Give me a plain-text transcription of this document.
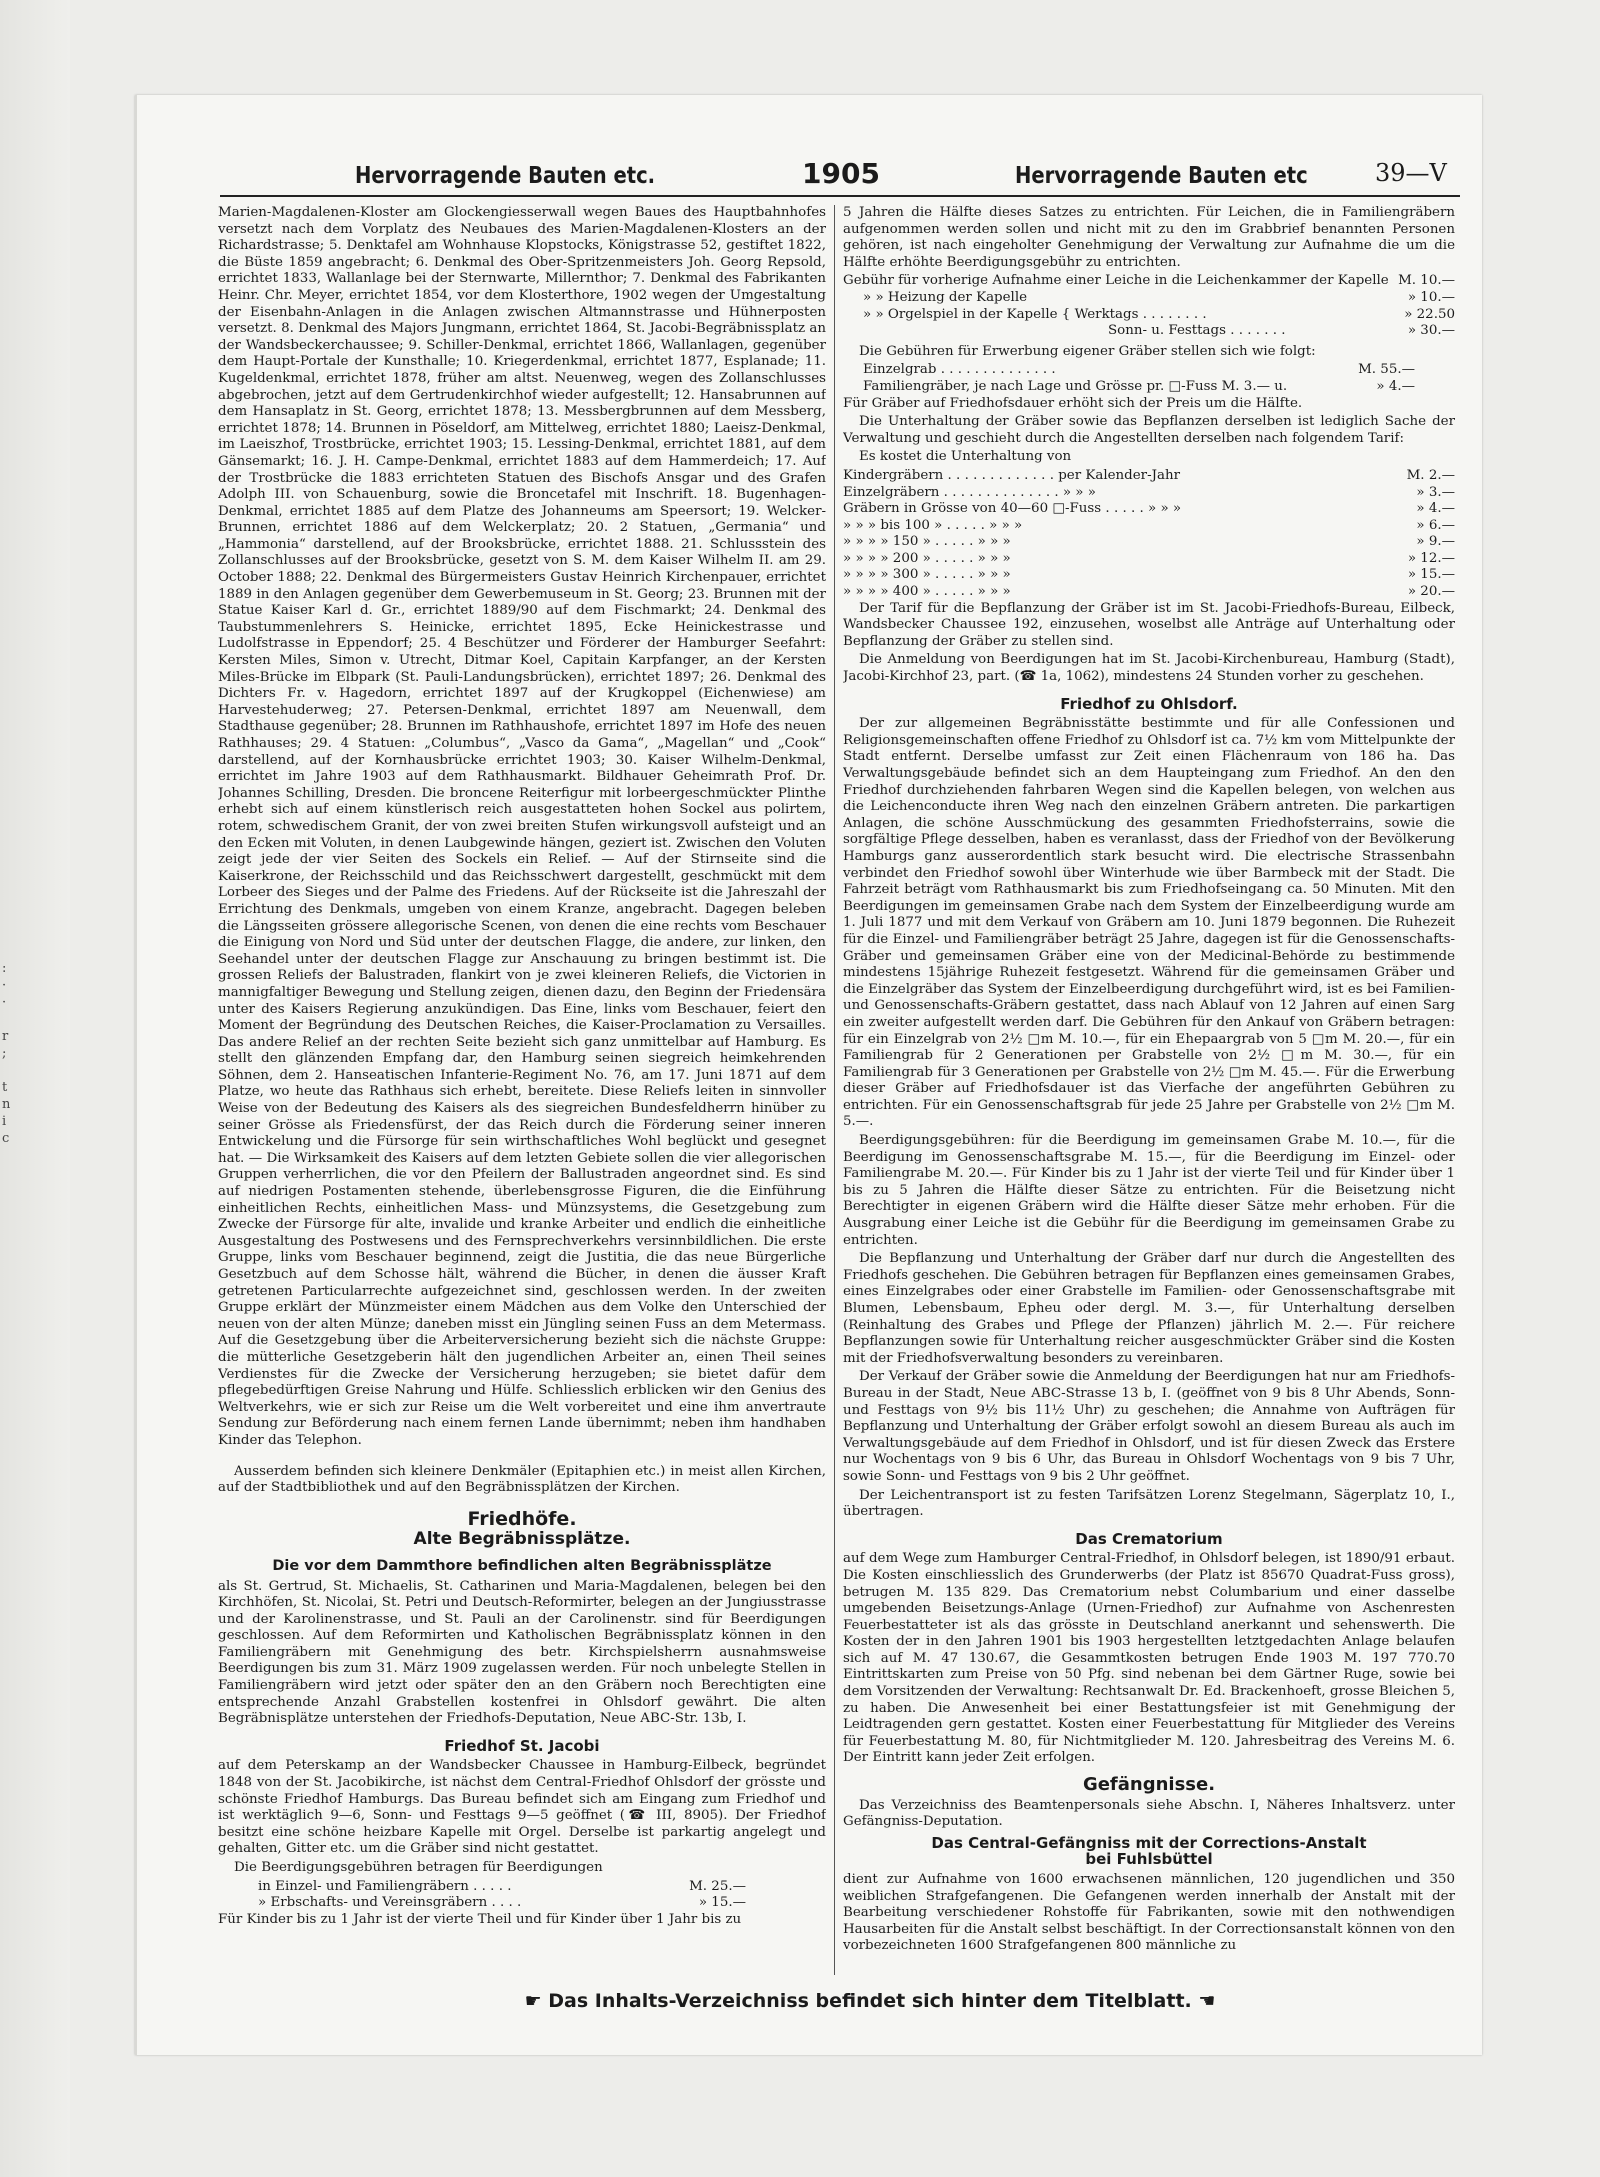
:
·
·

r
;

t
n
i
c
Hervorragende Bauten etc.	1905	Hervorragende Bauten etc	39—V

Marien-Magdalenen-Kloster am Glockengiesserwall wegen Baues des Hauptbahnhofes versetzt nach dem Vorplatz des Neubaues des Marien-Magdalenen-Klosters an der Richardstrasse; 5. Denktafel am Wohnhause Klopstocks, Königstrasse 52, gestiftet 1822, die Büste 1859 angebracht; 6. Denkmal des Ober-Spritzenmeisters Joh. Georg Repsold, errichtet 1833, Wallanlage bei der Sternwarte, Millernthor; 7. Denkmal des Fabrikanten Heinr. Chr. Meyer, errichtet 1854, vor dem Klosterthore, 1902 wegen der Umgestaltung der Eisenbahn-Anlagen in die Anlagen zwischen Altmannstrasse und Hühnerposten versetzt. 8. Denkmal des Majors Jungmann, errichtet 1864, St. Jacobi-Begräbnissplatz an der Wandsbeckerchaussee; 9. Schiller-Denkmal, errichtet 1866, Wallanlagen, gegenüber dem Haupt-Portale der Kunsthalle; 10. Kriegerdenkmal, errichtet 1877, Esplanade; 11. Kugeldenkmal, errichtet 1878, früher am altst. Neuenweg, wegen des Zollanschlusses abgebrochen, jetzt auf dem Gertrudenkirchhof wieder aufgestellt; 12. Hansabrunnen auf dem Hansaplatz in St. Georg, errichtet 1878; 13. Messbergbrunnen auf dem Messberg, errichtet 1878; 14. Brunnen in Pöseldorf, am Mittelweg, errichtet 1880; Laeisz-Denkmal, im Laeiszhof, Trostbrücke, errichtet 1903; 15. Lessing-Denkmal, errichtet 1881, auf dem Gänsemarkt; 16. J. H. Campe-Denkmal, errichtet 1883 auf dem Hammerdeich; 17. Auf der Trostbrücke die 1883 errichteten Statuen des Bischofs Ansgar und des Grafen Adolph III. von Schauenburg, sowie die Broncetafel mit Inschrift. 18. Bugenhagen-Denkmal, errichtet 1885 auf dem Platze des Johanneums am Speersort; 19. Welcker-Brunnen, errichtet 1886 auf dem Welckerplatz; 20. 2 Statuen, „Germania“ und „Hammonia“ darstellend, auf der Brooksbrücke, errichtet 1888. 21. Schlussstein des Zollanschlusses auf der Brooksbrücke, gesetzt von S. M. dem Kaiser Wilhelm II. am 29. October 1888; 22. Denkmal des Bürgermeisters Gustav Heinrich Kirchenpauer, errichtet 1889 in den Anlagen gegenüber dem Gewerbemuseum in St. Georg; 23. Brunnen mit der Statue Kaiser Karl d. Gr., errichtet 1889/90 auf dem Fischmarkt; 24. Denkmal des Taubstummenlehrers S. Heinicke, errichtet 1895, Ecke Heinickestrasse und Ludolfstrasse in Eppendorf; 25. 4 Beschützer und Förderer der Hamburger Seefahrt: Kersten Miles, Simon v. Utrecht, Ditmar Koel, Capitain Karpfanger, an der Kersten Miles-Brücke im Elbpark (St. Pauli-Landungsbrücken), errichtet 1897; 26. Denkmal des Dichters Fr. v. Hagedorn, errichtet 1897 auf der Krugkoppel (Eichenwiese) am Harvestehuderweg; 27. Petersen-Denkmal, errichtet 1897 am Neuenwall, dem Stadthause gegenüber; 28. Brunnen im Rathhaushofe, errichtet 1897 im Hofe des neuen Rathhauses; 29. 4 Statuen: „Columbus“, „Vasco da Gama“, „Magellan“ und „Cook“ darstellend, auf der Kornhausbrücke errichtet 1903; 30. Kaiser Wilhelm-Denkmal, errichtet im Jahre 1903 auf dem Rathhausmarkt. Bildhauer Geheimrath Prof. Dr. Johannes Schilling, Dresden. Die broncene Reiterfigur mit lorbeergeschmückter Plinthe erhebt sich auf einem künstlerisch reich ausgestatteten hohen Sockel aus polirtem, rotem, schwedischem Granit, der von zwei breiten Stufen wirkungsvoll aufsteigt und an den Ecken mit Voluten, in denen Laubgewinde hängen, geziert ist. Zwischen den Voluten zeigt jede der vier Seiten des Sockels ein Relief. — Auf der Stirnseite sind die Kaiserkrone, der Reichsschild und das Reichsschwert dargestellt, geschmückt mit dem Lorbeer des Sieges und der Palme des Friedens. Auf der Rückseite ist die Jahreszahl der Errichtung des Denkmals, umgeben von einem Kranze, angebracht. Dagegen beleben die Längsseiten grössere allegorische Scenen, von denen die eine rechts vom Beschauer die Einigung von Nord und Süd unter der deutschen Flagge, die andere, zur linken, den Seehandel unter der deutschen Flagge zur Anschauung zu bringen bestimmt ist. Die grossen Reliefs der Balustraden, flankirt von je zwei kleineren Reliefs, die Victorien in mannigfaltiger Bewegung und Stellung zeigen, dienen dazu, den Beginn der Friedensära unter des Kaisers Regierung anzukündigen. Das Eine, links vom Beschauer, feiert den Moment der Begründung des Deutschen Reiches, die Kaiser-Proclamation zu Versailles. Das andere Relief an der rechten Seite bezieht sich ganz unmittelbar auf Hamburg. Es stellt den glänzenden Empfang dar, den Hamburg seinen siegreich heimkehrenden Söhnen, dem 2. Hanseatischen Infanterie-Regiment No. 76, am 17. Juni 1871 auf dem Platze, wo heute das Rathhaus sich erhebt, bereitete. Diese Reliefs leiten in sinnvoller Weise von der Bedeutung des Kaisers als des siegreichen Bundesfeldherrn hinüber zu seiner Grösse als Friedensfürst, der das Reich durch die Förderung seiner inneren Entwickelung und die Fürsorge für sein wirthschaftliches Wohl beglückt und gesegnet hat. — Die Wirksamkeit des Kaisers auf dem letzten Gebiete sollen die vier allegorischen Gruppen verherrlichen, die vor den Pfeilern der Ballustraden angeordnet sind. Es sind auf niedrigen Postamenten stehende, überlebensgrosse Figuren, die die Einführung einheitlichen Rechts, einheitlichen Mass- und Münzsystems, die Gesetzgebung zum Zwecke der Fürsorge für alte, invalide und kranke Arbeiter und endlich die einheitliche Ausgestaltung des Postwesens und des Fernsprechverkehrs versinnbildlichen. Die erste Gruppe, links vom Beschauer beginnend, zeigt die Justitia, die das neue Bürgerliche Gesetzbuch auf dem Schosse hält, während die Bücher, in denen die äusser Kraft getretenen Particularrechte aufgezeichnet sind, geschlossen werden. In der zweiten Gruppe erklärt der Münzmeister einem Mädchen aus dem Volke den Unterschied der neuen von der alten Münze; daneben misst ein Jüngling seinen Fuss an dem Metermass. Auf die Gesetzgebung über die Arbeiterversicherung bezieht sich die nächste Gruppe: die mütterliche Gesetzgeberin hält den jugendlichen Arbeiter an, einen Theil seines Verdienstes für die Zwecke der Versicherung herzugeben; sie bietet dafür dem pflegebedürftigen Greise Nahrung und Hülfe. Schliesslich erblicken wir den Genius des Weltverkehrs, wie er sich zur Reise um die Welt vorbereitet und eine ihm anvertraute Sendung zur Beförderung nach einem fernen Lande übernimmt; neben ihm handhaben Kinder das Telephon.

Ausserdem befinden sich kleinere Denkmäler (Epitaphien etc.) in meist allen Kirchen, auf der Stadtbibliothek und auf den Begräbnissplätzen der Kirchen.

Friedhöfe.
Alte Begräbnissplätze.
Die vor dem Dammthore befindlichen alten Begräbnissplätze

als St. Gertrud, St. Michaelis, St. Catharinen und Maria-Magdalenen, belegen bei den Kirchhöfen, St. Nicolai, St. Petri und Deutsch-Reformirter, belegen an der Jungiusstrasse und der Karolinenstrasse, und St. Pauli an der Carolinenstr. sind für Beerdigungen geschlossen. Auf dem Reformirten und Katholischen Begräbnissplatz können in den Familiengräbern mit Genehmigung des betr. Kirchspielsherrn ausnahmsweise Beerdigungen bis zum 31. März 1909 zugelassen werden. Für noch unbelegte Stellen in Familiengräbern wird jetzt oder später den an den Gräbern noch Berechtigten eine entsprechende Anzahl Grabstellen kostenfrei in Ohlsdorf gewährt. Die alten Begräbnisplätze unterstehen der Friedhofs-Deputation, Neue ABC-Str. 13b, I.

Friedhof St. Jacobi

auf dem Peterskamp an der Wandsbecker Chaussee in Hamburg-Eilbeck, begründet 1848 von der St. Jacobikirche, ist nächst dem Central-Friedhof Ohlsdorf der grösste und schönste Friedhof Hamburgs. Das Bureau befindet sich am Eingang zum Friedhof und ist werktäglich 9—6, Sonn- und Festtags 9—5 geöffnet (☎ III, 8905). Der Friedhof besitzt eine schöne heizbare Kapelle mit Orgel. Derselbe ist parkartig angelegt und gehalten, Gitter etc. um die Gräber sind nicht gestattet.

Die Beerdigungsgebühren betragen für Beerdigungen

in Einzel- und Familiengräbern . . . . .	M. 25.—
» Erbschafts- und Vereinsgräbern . . . .	» 15.—

Für Kinder bis zu 1 Jahr ist der vierte Theil und für Kinder über 1 Jahr bis zu

5 Jahren die Hälfte dieses Satzes zu entrichten. Für Leichen, die in Familiengräbern aufgenommen werden sollen und nicht mit zu den im Grabbrief benannten Personen gehören, ist nach eingeholter Genehmigung der Verwaltung zur Aufnahme die um die Hälfte erhöhte Beerdigungsgebühr zu entrichten.

Gebühr für vorherige Aufnahme einer Leiche in die Leichenkammer der Kapelle M. 10.—
» » Heizung der Kapelle	» 10.—
» » Orgelspiel in der Kapelle { Werktags . . . . . . . .	» 22.50
Sonn- u. Festtags . . . . . . .	» 30.—

Die Gebühren für Erwerbung eigener Gräber stellen sich wie folgt:

Einzelgrab . . . . . . . . . . . . . .	M. 55.—
Familiengräber, je nach Lage und Grösse pr. □-Fuss M. 3.— u.	» 4.—

Für Gräber auf Friedhofsdauer erhöht sich der Preis um die Hälfte.

Die Unterhaltung der Gräber sowie das Bepflanzen derselben ist lediglich Sache der Verwaltung und geschieht durch die Angestellten derselben nach folgendem Tarif:

Es kostet die Unterhaltung von

Kindergräbern . . . . . . . . . . . . . per Kalender-Jahr	M. 2.—
Einzelgräbern . . . . . . . . . . . . . . » » »	» 3.—
Gräbern in Grösse von 40—60 □-Fuss . . . . . » » »	» 4.—
» » » bis 100 » . . . . . » » »	» 6.—
» » » » 150 » . . . . . » » »	» 9.—
» » » » 200 » . . . . . » » »	» 12.—
» » » » 300 » . . . . . » » »	» 15.—
» » » » 400 » . . . . . » » »	» 20.—

Der Tarif für die Bepflanzung der Gräber ist im St. Jacobi-Friedhofs-Bureau, Eilbeck, Wandsbecker Chaussee 192, einzusehen, woselbst alle Anträge auf Unterhaltung oder Bepflanzung der Gräber zu stellen sind.

Die Anmeldung von Beerdigungen hat im St. Jacobi-Kirchenbureau, Hamburg (Stadt), Jacobi-Kirchhof 23, part. (☎ 1a, 1062), mindestens 24 Stunden vorher zu geschehen.

Friedhof zu Ohlsdorf.

Der zur allgemeinen Begräbnisstätte bestimmte und für alle Confessionen und Religionsgemeinschaften offene Friedhof zu Ohlsdorf ist ca. 7½ km vom Mittelpunkte der Stadt entfernt. Derselbe umfasst zur Zeit einen Flächenraum von 186 ha. Das Verwaltungsgebäude befindet sich an dem Haupteingang zum Friedhof. An den den Friedhof durchziehenden fahrbaren Wegen sind die Kapellen belegen, von welchen aus die Leichenconducte ihren Weg nach den einzelnen Gräbern antreten. Die parkartigen Anlagen, die schöne Ausschmückung des gesammten Friedhofsterrains, sowie die sorgfältige Pflege desselben, haben es veranlasst, dass der Friedhof von der Bevölkerung Hamburgs ganz ausserordentlich stark besucht wird. Die electrische Strassenbahn verbindet den Friedhof sowohl über Winterhude wie über Barmbeck mit der Stadt. Die Fahrzeit beträgt vom Rathhausmarkt bis zum Friedhofseingang ca. 50 Minuten. Mit den Beerdigungen im gemeinsamen Grabe nach dem System der Einzelbeerdigung wurde am 1. Juli 1877 und mit dem Verkauf von Gräbern am 10. Juni 1879 begonnen. Die Ruhezeit für die Einzel- und Familiengräber beträgt 25 Jahre, dagegen ist für die Genossenschafts-Gräber und gemeinsamen Gräber eine von der Medicinal-Behörde zu bestimmende mindestens 15jährige Ruhezeit festgesetzt. Während für die gemeinsamen Gräber und die Einzelgräber das System der Einzelbeerdigung durchgeführt wird, ist es bei Familien- und Genossenschafts-Gräbern gestattet, dass nach Ablauf von 12 Jahren auf einen Sarg ein zweiter aufgestellt werden darf. Die Gebühren für den Ankauf von Gräbern betragen: für ein Einzelgrab von 2½ □m M. 10.—, für ein Ehepaargrab von 5 □m M. 20.—, für ein Familiengrab für 2 Generationen per Grabstelle von 2½ □m M. 30.—, für ein Familiengrab für 3 Generationen per Grabstelle von 2½ □m M. 45.—. Für die Erwerbung dieser Gräber auf Friedhofsdauer ist das Vierfache der angeführten Gebühren zu entrichten. Für ein Genossenschaftsgrab für jede 25 Jahre per Grabstelle von 2½ □m M. 5.—.

Beerdigungsgebühren: für die Beerdigung im gemeinsamen Grabe M. 10.—, für die Beerdigung im Genossenschaftsgrabe M. 15.—, für die Beerdigung im Einzel- oder Familiengrabe M. 20.—. Für Kinder bis zu 1 Jahr ist der vierte Teil und für Kinder über 1 bis zu 5 Jahren die Hälfte dieser Sätze zu entrichten. Für die Beisetzung nicht Berechtigter in eigenen Gräbern wird die Hälfte dieser Sätze mehr erhoben. Für die Ausgrabung einer Leiche ist die Gebühr für die Beerdigung im gemeinsamen Grabe zu entrichten.

Die Bepflanzung und Unterhaltung der Gräber darf nur durch die Angestellten des Friedhofs geschehen. Die Gebühren betragen für Bepflanzen eines gemeinsamen Grabes, eines Einzelgrabes oder einer Grabstelle im Familien- oder Genossenschaftsgrabe mit Blumen, Lebensbaum, Epheu oder dergl. M. 3.—, für Unterhaltung derselben (Reinhaltung des Grabes und Pflege der Pflanzen) jährlich M. 2.—. Für reichere Bepflanzungen sowie für Unterhaltung reicher ausgeschmückter Gräber sind die Kosten mit der Friedhofsverwaltung besonders zu vereinbaren.

Der Verkauf der Gräber sowie die Anmeldung der Beerdigungen hat nur am Friedhofs-Bureau in der Stadt, Neue ABC-Strasse 13 b, I. (geöffnet von 9 bis 8 Uhr Abends, Sonn- und Festtags von 9½ bis 11½ Uhr) zu geschehen; die Annahme von Aufträgen für Bepflanzung und Unterhaltung der Gräber erfolgt sowohl an diesem Bureau als auch im Verwaltungsgebäude auf dem Friedhof in Ohlsdorf, und ist für diesen Zweck das Erstere nur Wochentags von 9 bis 6 Uhr, das Bureau in Ohlsdorf Wochentags von 9 bis 7 Uhr, sowie Sonn- und Festtags von 9 bis 2 Uhr geöffnet.

Der Leichentransport ist zu festen Tarifsätzen Lorenz Stegelmann, Sägerplatz 10, I., übertragen.

Das Crematorium

auf dem Wege zum Hamburger Central-Friedhof, in Ohlsdorf belegen, ist 1890/91 erbaut. Die Kosten einschliesslich des Grunderwerbs (der Platz ist 85670 Quadrat-Fuss gross), betrugen M. 135 829. Das Crematorium nebst Columbarium und einer dasselbe umgebenden Beisetzungs-Anlage (Urnen-Friedhof) zur Aufnahme von Aschenresten Feuerbestatteter ist als das grösste in Deutschland anerkannt und sehenswerth. Die Kosten der in den Jahren 1901 bis 1903 hergestellten letztgedachten Anlage belaufen sich auf M. 47 130.67, die Gesammtkosten betrugen Ende 1903 M. 197 770.70 Eintrittskarten zum Preise von 50 Pfg. sind nebenan bei dem Gärtner Ruge, sowie bei dem Vorsitzenden der Verwaltung: Rechtsanwalt Dr. Ed. Brackenhoeft, grosse Bleichen 5, zu haben. Die Anwesenheit bei einer Bestattungsfeier ist mit Genehmigung der Leidtragenden gern gestattet. Kosten einer Feuerbestattung für Mitglieder des Vereins für Feuerbestattung M. 80, für Nichtmitglieder M. 120. Jahresbeitrag des Vereins M. 6. Der Eintritt kann jeder Zeit erfolgen.

Gefängnisse.

Das Verzeichniss des Beamtenpersonals siehe Abschn. I, Näheres Inhaltsverz. unter Gefängniss-Deputation.

Das Central-Gefängniss mit der Corrections-Anstalt
bei Fuhlsbüttel

dient zur Aufnahme von 1600 erwachsenen männlichen, 120 jugendlichen und 350 weiblichen Strafgefangenen. Die Gefangenen werden innerhalb der Anstalt mit der Bearbeitung verschiedener Rohstoffe für Fabrikanten, sowie mit den nothwendigen Hausarbeiten für die Anstalt selbst beschäftigt. In der Correctionsanstalt können von den vorbezeichneten 1600 Strafgefangenen 800 männliche zu

☛ Das Inhalts-Verzeichniss befindet sich hinter dem Titelblatt. ☚
